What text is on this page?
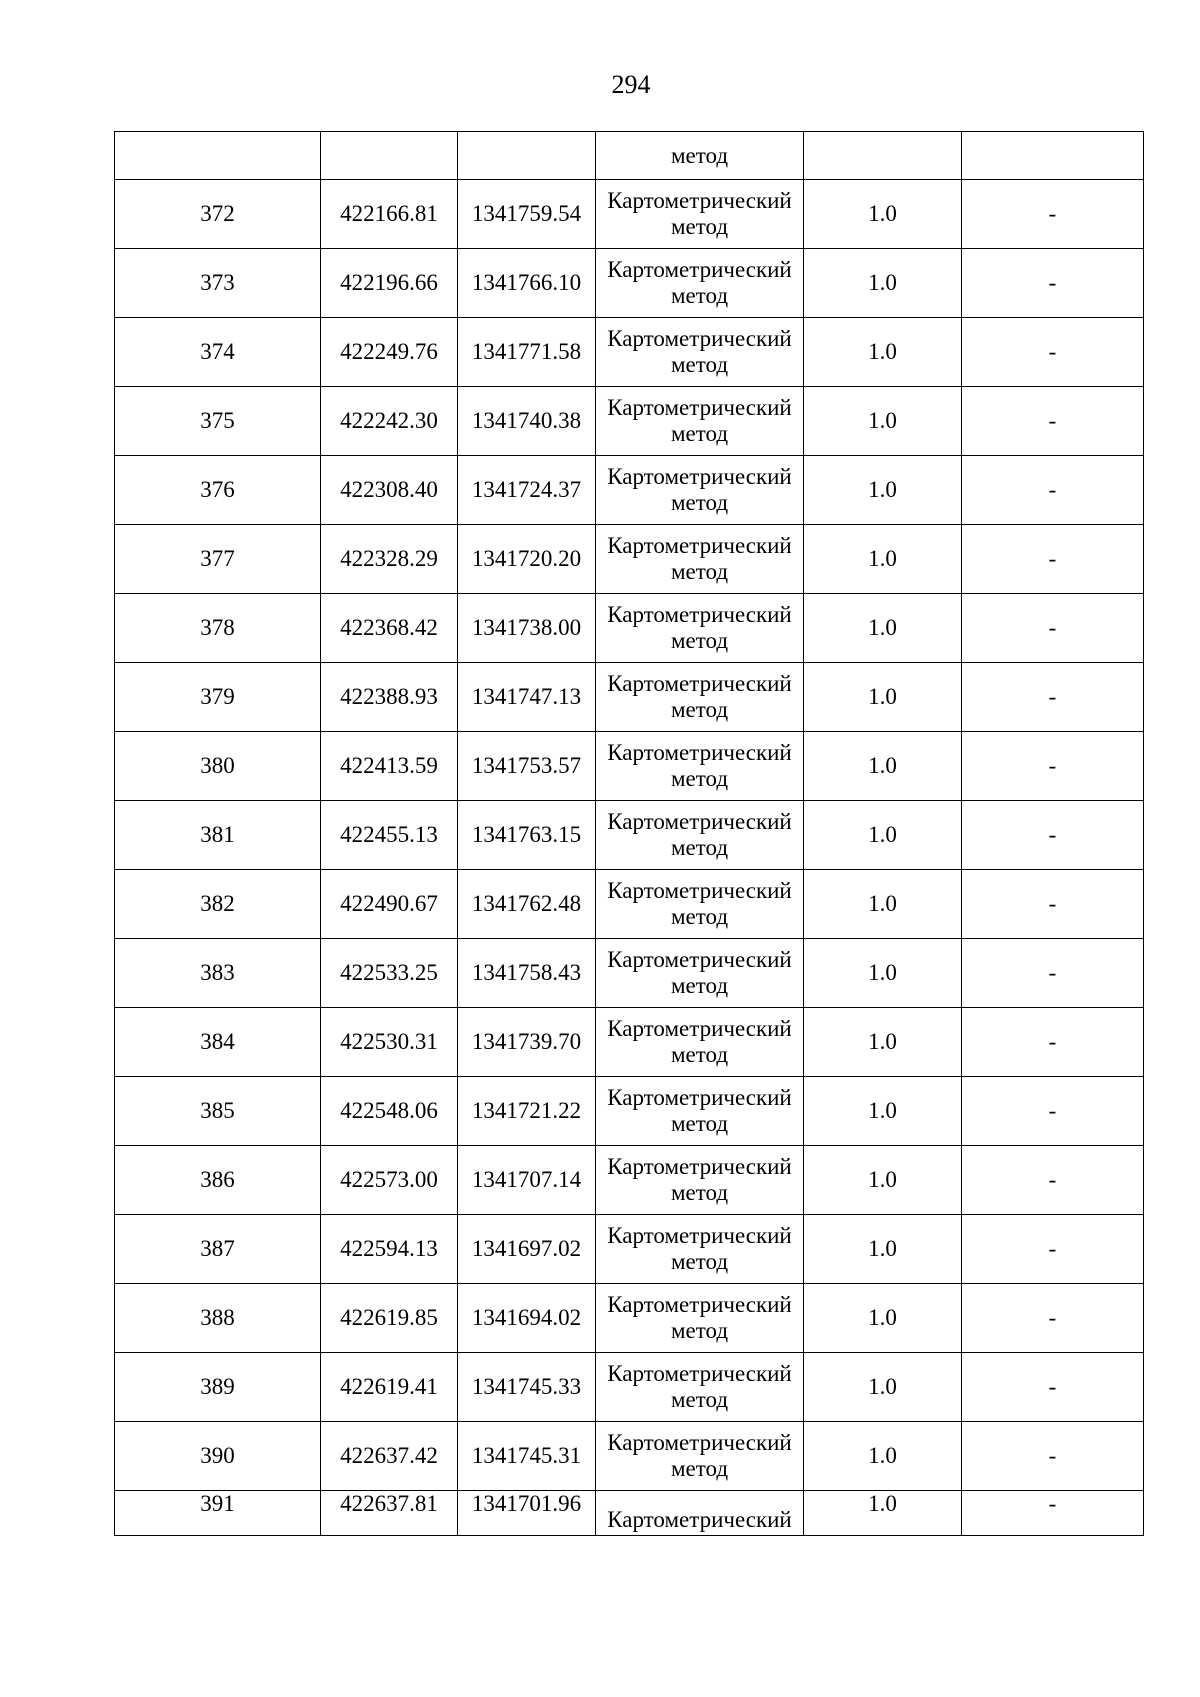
294
			метод		
372	422166.81	1341759.54	Картометрический
метод	1.0	-
373	422196.66	1341766.10	Картометрический
метод	1.0	-
374	422249.76	1341771.58	Картометрический
метод	1.0	-
375	422242.30	1341740.38	Картометрический
метод	1.0	-
376	422308.40	1341724.37	Картометрический
метод	1.0	-
377	422328.29	1341720.20	Картометрический
метод	1.0	-
378	422368.42	1341738.00	Картометрический
метод	1.0	-
379	422388.93	1341747.13	Картометрический
метод	1.0	-
380	422413.59	1341753.57	Картометрический
метод	1.0	-
381	422455.13	1341763.15	Картометрический
метод	1.0	-
382	422490.67	1341762.48	Картометрический
метод	1.0	-
383	422533.25	1341758.43	Картометрический
метод	1.0	-
384	422530.31	1341739.70	Картометрический
метод	1.0	-
385	422548.06	1341721.22	Картометрический
метод	1.0	-
386	422573.00	1341707.14	Картометрический
метод	1.0	-
387	422594.13	1341697.02	Картометрический
метод	1.0	-
388	422619.85	1341694.02	Картометрический
метод	1.0	-
389	422619.41	1341745.33	Картометрический
метод	1.0	-
390	422637.42	1341745.31	Картометрический
метод	1.0	-
391	422637.81	1341701.96	Картометрический	1.0	-
